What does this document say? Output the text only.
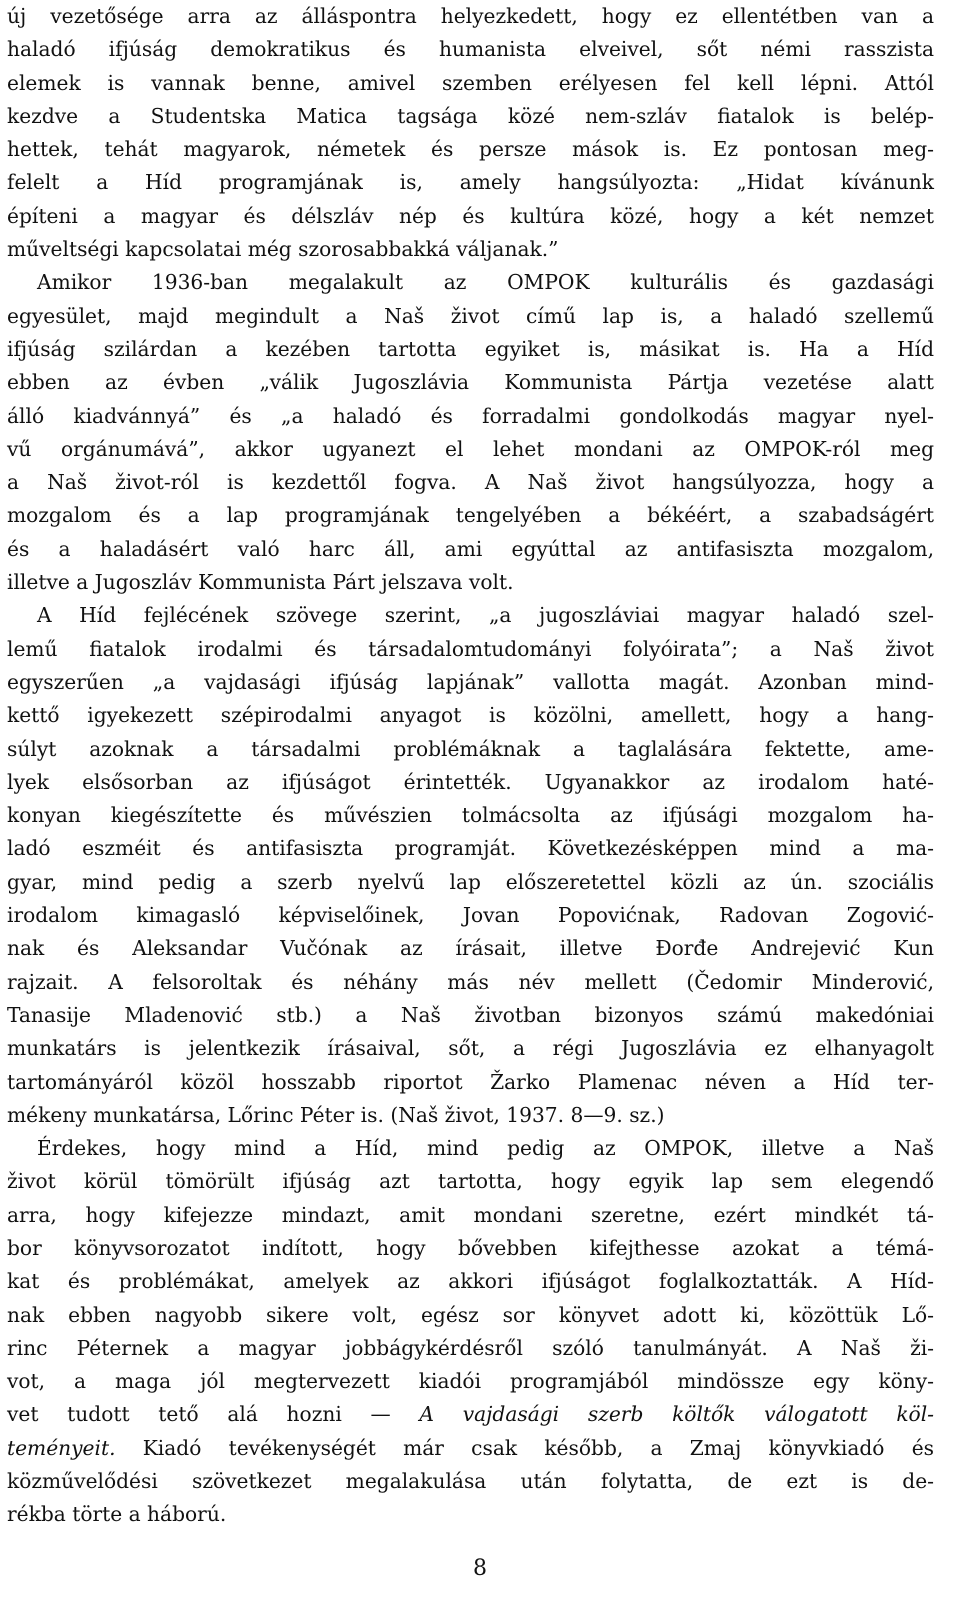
új vezetősége arra az álláspontra helyezkedett, hogy ez ellentétben van a
haladó ifjúság demokratikus és humanista elveivel, sőt némi rasszista
elemek is vannak benne, amivel szemben erélyesen fel kell lépni. Attól
kezdve a Studentska Matica tagsága közé nem-szláv fiatalok is belép-
hettek, tehát magyarok, németek és persze mások is. Ez pontosan meg-
felelt a Híd programjának is, amely hangsúlyozta: „Hidat kívánunk
építeni a magyar és délszláv nép és kultúra közé, hogy a két nemzet
műveltségi kapcsolatai még szorosabbakká váljanak.”
Amikor 1936-ban megalakult az OMPOK kulturális és gazdasági
egyesület, majd megindult a Naš život című lap is, a haladó szellemű
ifjúság szilárdan a kezében tartotta egyiket is, másikat is. Ha a Híd
ebben az évben „válik Jugoszlávia Kommunista Pártja vezetése alatt
álló kiadvánnyá” és „a haladó és forradalmi gondolkodás magyar nyel-
vű orgánumává”, akkor ugyanezt el lehet mondani az OMPOK-ról meg
a Naš život-ról is kezdettől fogva. A Naš život hangsúlyozza, hogy a
mozgalom és a lap programjának tengelyében a békéért, a szabadságért
és a haladásért való harc áll, ami egyúttal az antifasiszta mozgalom,
illetve a Jugoszláv Kommunista Párt jelszava volt.
A Híd fejlécének szövege szerint, „a jugoszláviai magyar haladó szel-
lemű fiatalok irodalmi és társadalomtudományi folyóirata”; a Naš život
egyszerűen „a vajdasági ifjúság lapjának” vallotta magát. Azonban mind-
kettő igyekezett szépirodalmi anyagot is közölni, amellett, hogy a hang-
súlyt azoknak a társadalmi problémáknak a taglalására fektette, ame-
lyek elsősorban az ifjúságot érintették. Ugyanakkor az irodalom haté-
konyan kiegészítette és művészien tolmácsolta az ifjúsági mozgalom ha-
ladó eszméit és antifasiszta programját. Következésképpen mind a ma-
gyar, mind pedig a szerb nyelvű lap előszeretettel közli az ún. szociális
irodalom kimagasló képviselőinek, Jovan Popovićnak, Radovan Zogović-
nak és Aleksandar Vučónak az írásait, illetve Đorđe Andrejević Kun
rajzait. A felsoroltak és néhány más név mellett (Čedomir Minderović,
Tanasije Mladenović stb.) a Naš životban bizonyos számú makedóniai
munkatárs is jelentkezik írásaival, sőt, a régi Jugoszlávia ez elhanyagolt
tartományáról közöl hosszabb riportot Žarko Plamenac néven a Híd ter-
mékeny munkatársa, Lőrinc Péter is. (Naš život, 1937. 8—9. sz.)
Érdekes, hogy mind a Híd, mind pedig az OMPOK, illetve a Naš
život körül tömörült ifjúság azt tartotta, hogy egyik lap sem elegendő
arra, hogy kifejezze mindazt, amit mondani szeretne, ezért mindkét tá-
bor könyvsorozatot indított, hogy bővebben kifejthesse azokat a témá-
kat és problémákat, amelyek az akkori ifjúságot foglalkoztatták. A Híd-
nak ebben nagyobb sikere volt, egész sor könyvet adott ki, közöttük Lő-
rinc Péternek a magyar jobbágykérdésről szóló tanulmányát. A Naš ži-
vot, a maga jól megtervezett kiadói programjából mindössze egy köny-
vet tudott tető alá hozni — A vajdasági szerb költők válogatott köl-
teményeit. Kiadó tevékenységét már csak később, a Zmaj könyvkiadó és
közművelődési szövetkezet megalakulása után folytatta, de ezt is de-
rékba törte a háború.
8
